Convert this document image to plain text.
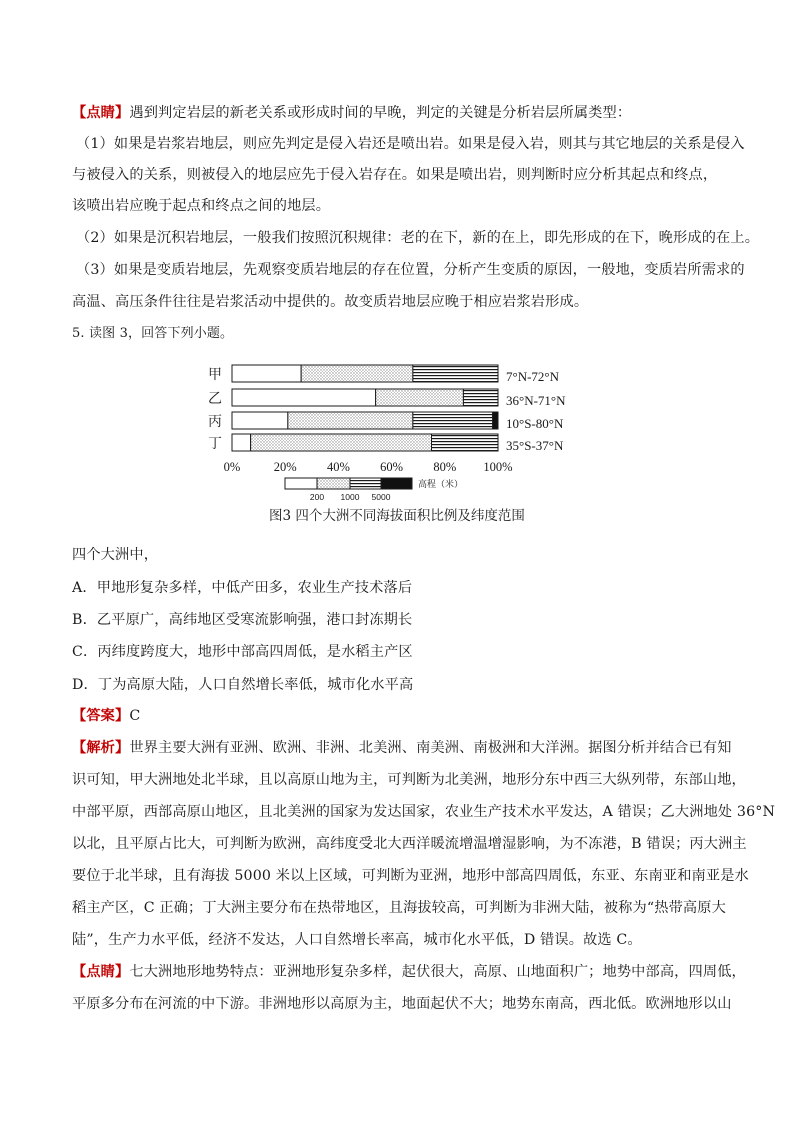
【点睛】遇到判定岩层的新老关系或形成时间的早晚，判定的关键是分析岩层所属类型：
（1）如果是岩浆岩地层，则应先判定是侵入岩还是喷出岩。如果是侵入岩，则其与其它地层的关系是侵入
与被侵入的关系，则被侵入的地层应先于侵入岩存在。如果是喷出岩，则判断时应分析其起点和终点，
该喷出岩应晚于起点和终点之间的地层。
（2）如果是沉积岩地层，一般我们按照沉积规律：老的在下，新的在上，即先形成的在下，晚形成的在上。
（3）如果是变质岩地层，先观察变质岩地层的存在位置，分析产生变质的原因，一般地，变质岩所需求的
高温、高压条件往往是岩浆活动中提供的。故变质岩地层应晚于相应岩浆岩形成。
5. 读图 3，回答下列小题。
甲	7°N-72°N
乙	36°N-71°N
丙	10°S-80°N
丁	35°S-37°N
0%	20% 40% 60% 80% 100%
高程（米）
200 1000 5000
图3 四个大洲不同海拔面积比例及纬度范围
四个大洲中，
A．甲地形复杂多样，中低产田多，农业生产技术落后
B．乙平原广，高纬地区受寒流影响强，港口封冻期长
C．丙纬度跨度大，地形中部高四周低，是水稻主产区
D．丁为高原大陆，人口自然增长率低，城市化水平高
【答案】C
【解析】世界主要大洲有亚洲、欧洲、非洲、北美洲、南美洲、南极洲和大洋洲。据图分析并结合已有知
识可知，甲大洲地处北半球，且以高原山地为主，可判断为北美洲，地形分东中西三大纵列带，东部山地，
中部平原，西部高原山地区，且北美洲的国家为发达国家，农业生产技术水平发达，A 错误；乙大洲地处 36°N
以北，且平原占比大，可判断为欧洲，高纬度受北大西洋暖流增温增湿影响，为不冻港，B 错误；丙大洲主
要位于北半球，且有海拔 5000 米以上区域，可判断为亚洲，地形中部高四周低，东亚、东南亚和南亚是水
稻主产区，C 正确；丁大洲主要分布在热带地区，且海拔较高，可判断为非洲大陆，被称为“热带高原大
陆”，生产力水平低，经济不发达，人口自然增长率高，城市化水平低，D 错误。故选 C。
【点睛】七大洲地形地势特点：亚洲地形复杂多样，起伏很大，高原、山地面积广；地势中部高，四周低，
平原多分布在河流的中下游。非洲地形以高原为主，地面起伏不大；地势东南高，西北低。欧洲地形以山
